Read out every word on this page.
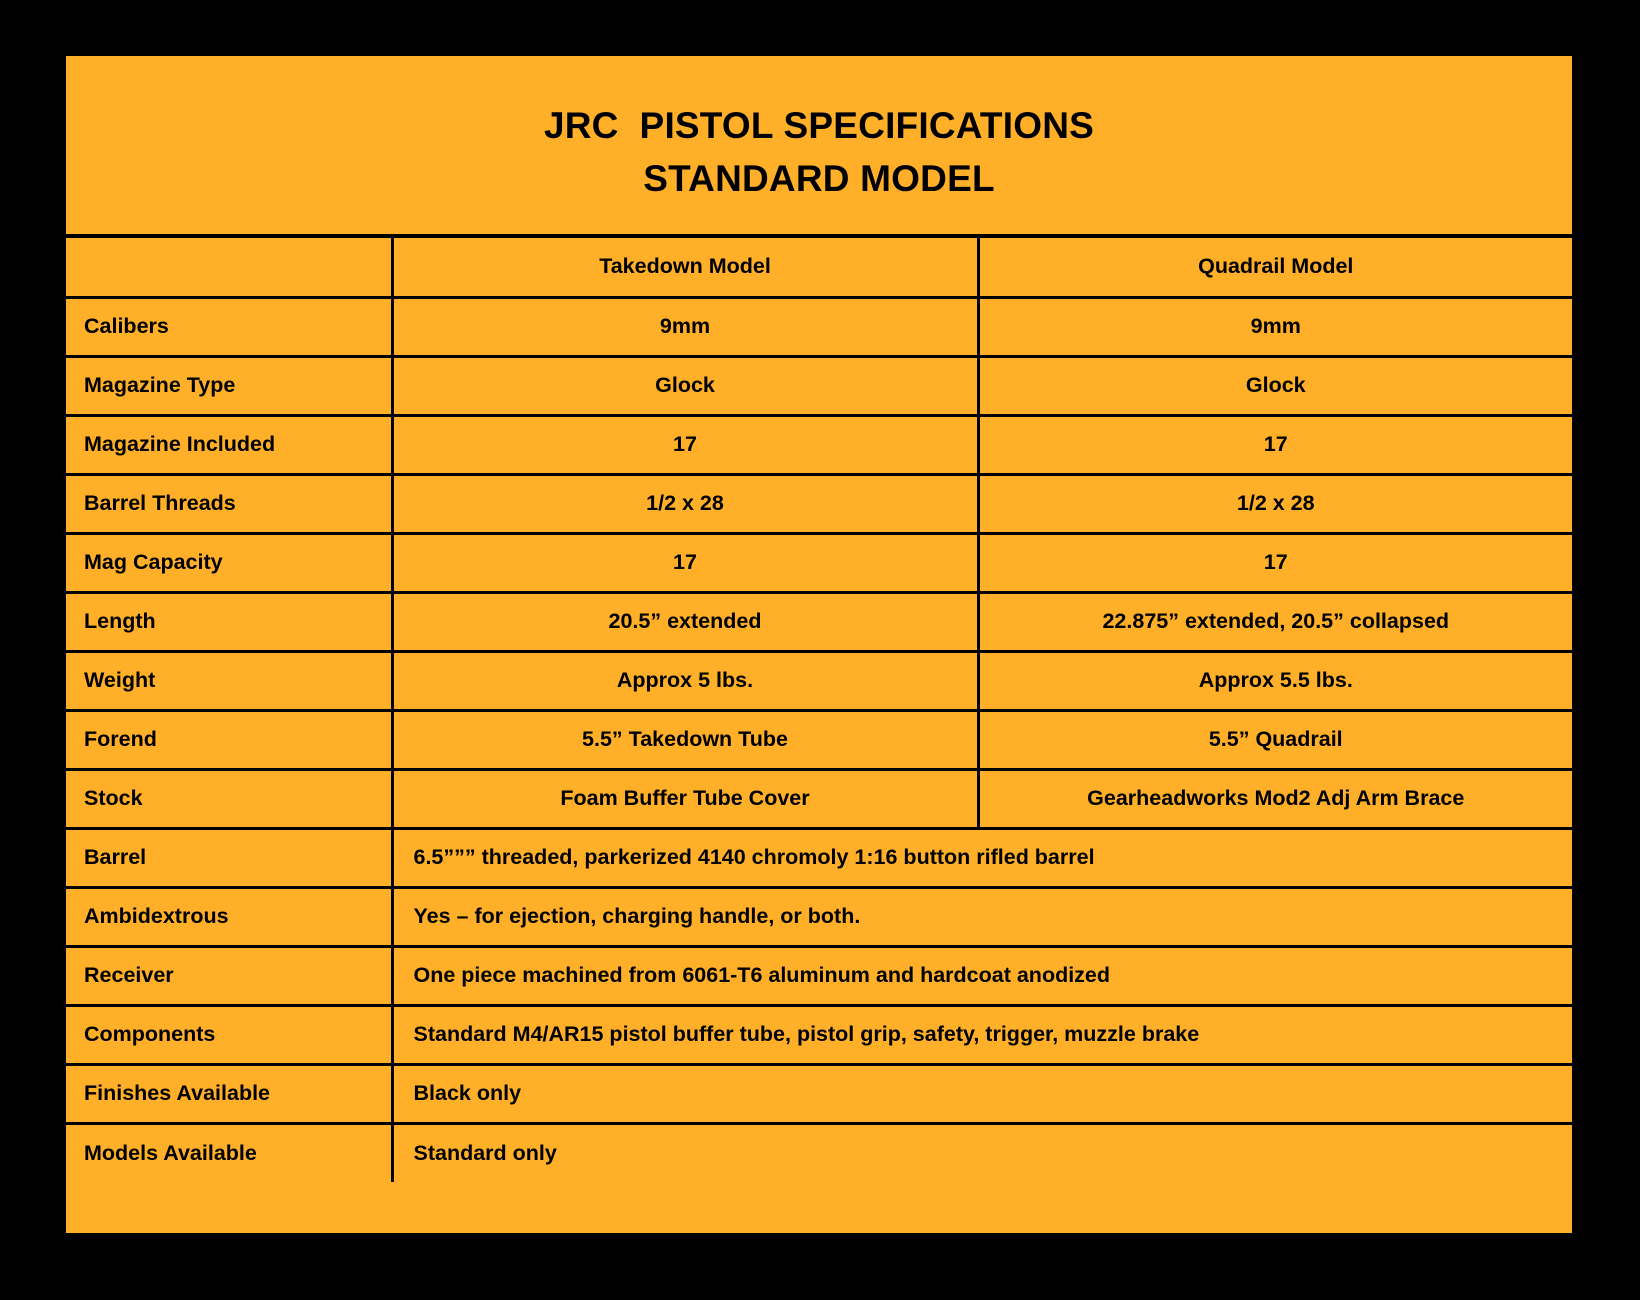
JRC  PISTOL SPECIFICATIONS
STANDARD MODEL
	Takedown Model	Quadrail Model
Calibers	9mm	9mm
Magazine Type	Glock	Glock
Magazine Included	17	17
Barrel Threads	1/2 x 28	1/2 x 28
Mag Capacity	17	17
Length	20.5” extended	22.875” extended, 20.5” collapsed
Weight	Approx 5 lbs.	Approx 5.5 lbs.
Forend	5.5” Takedown Tube	5.5” Quadrail
Stock	Foam Buffer Tube Cover	Gearheadworks Mod2 Adj Arm Brace
Barrel	6.5””” threaded, parkerized 4140 chromoly 1:16 button rifled barrel	
Ambidextrous	Yes – for ejection, charging handle, or both.	
Receiver	One piece machined from 6061-T6 aluminum and hardcoat anodized	
Components	Standard M4/AR15 pistol buffer tube, pistol grip, safety, trigger, muzzle brake	
Finishes Available	Black only	
Models Available	Standard only	
